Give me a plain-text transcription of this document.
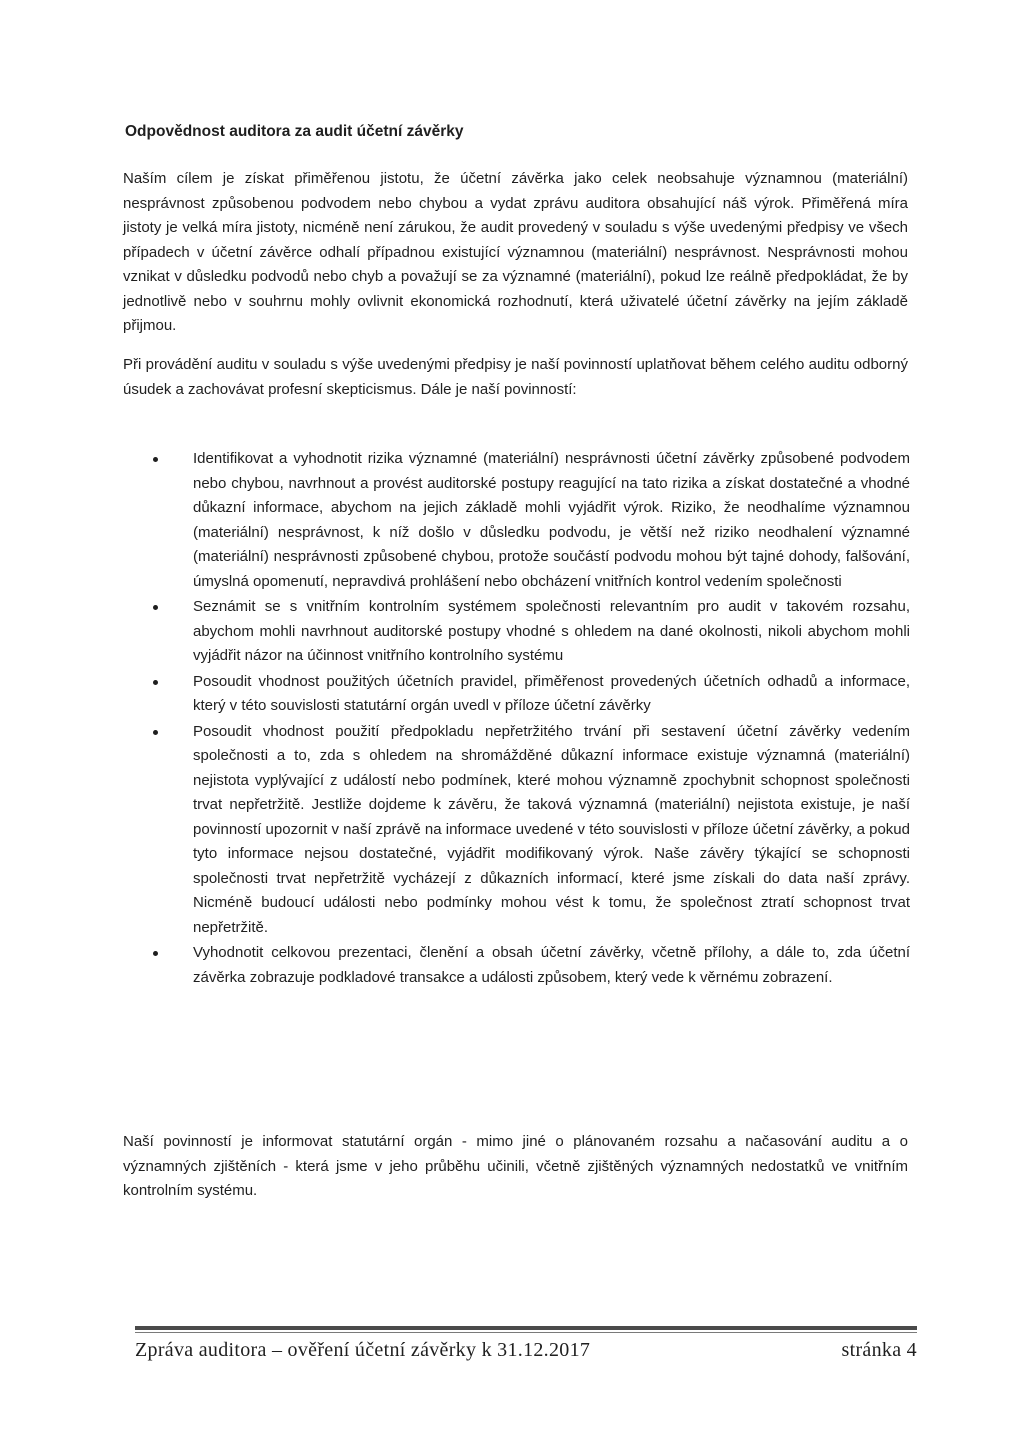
Odpovědnost auditora za audit účetní závěrky

Naším cílem je získat přiměřenou jistotu, že účetní závěrka jako celek neobsahuje významnou (materiální) nesprávnost způsobenou podvodem nebo chybou a vydat zprávu auditora obsahující náš výrok. Přiměřená míra jistoty je velká míra jistoty, nicméně není zárukou, že audit provedený v souladu s výše uvedenými předpisy ve všech případech v účetní závěrce odhalí případnou existující významnou (materiální) nesprávnost. Nesprávnosti mohou vznikat v důsledku podvodů nebo chyb a považují se za významné (materiální), pokud lze reálně předpokládat, že by jednotlivě nebo v souhrnu mohly ovlivnit ekonomická rozhodnutí, která uživatelé účetní závěrky na jejím základě přijmou.

Při provádění auditu v souladu s výše uvedenými předpisy je naší povinností uplatňovat během celého auditu odborný úsudek a zachovávat profesní skepticismus. Dále je naší povinností:

Identifikovat a vyhodnotit rizika významné (materiální) nesprávnosti účetní závěrky způsobené podvodem nebo chybou, navrhnout a provést auditorské postupy reagující na tato rizika a získat dostatečné a vhodné důkazní informace, abychom na jejich základě mohli vyjádřit výrok. Riziko, že neodhalíme významnou (materiální) nesprávnost, k níž došlo v důsledku podvodu, je větší než riziko neodhalení významné (materiální) nesprávnosti způsobené chybou, protože součástí podvodu mohou být tajné dohody, falšování, úmyslná opomenutí, nepravdivá prohlášení nebo obcházení vnitřních kontrol vedením společnosti
Seznámit se s vnitřním kontrolním systémem společnosti relevantním pro audit v takovém rozsahu, abychom mohli navrhnout auditorské postupy vhodné s ohledem na dané okolnosti, nikoli abychom mohli vyjádřit názor na účinnost vnitřního kontrolního systému
Posoudit vhodnost použitých účetních pravidel, přiměřenost provedených účetních odhadů a informace, který v této souvislosti statutární orgán uvedl v příloze účetní závěrky
Posoudit vhodnost použití předpokladu nepřetržitého trvání při sestavení účetní závěrky vedením společnosti a to, zda s ohledem na shromážděné důkazní informace existuje významná (materiální) nejistota vyplývající z událostí nebo podmínek, které mohou významně zpochybnit schopnost společnosti trvat nepřetržitě. Jestliže dojdeme k závěru, že taková významná (materiální) nejistota existuje, je naší povinností upozornit v naší zprávě na informace uvedené v této souvislosti v příloze účetní závěrky, a pokud tyto informace nejsou dostatečné, vyjádřit modifikovaný výrok. Naše závěry týkající se schopnosti společnosti trvat nepřetržitě vycházejí z důkazních informací, které jsme získali do data naší zprávy. Nicméně budoucí události nebo podmínky mohou vést k tomu, že společnost ztratí schopnost trvat nepřetržitě.
Vyhodnotit celkovou prezentaci, členění a obsah účetní závěrky, včetně přílohy, a dále to, zda účetní závěrka zobrazuje podkladové transakce a události způsobem, který vede k věrnému zobrazení.

Naší povinností je informovat statutární orgán - mimo jiné o plánovaném rozsahu a načasování auditu a o významných zjištěních - která jsme v jeho průběhu učinili, včetně zjištěných významných nedostatků ve vnitřním kontrolním systému.

Zpráva auditora – ověření účetní závěrky k 31.12.2017	stránka 4
